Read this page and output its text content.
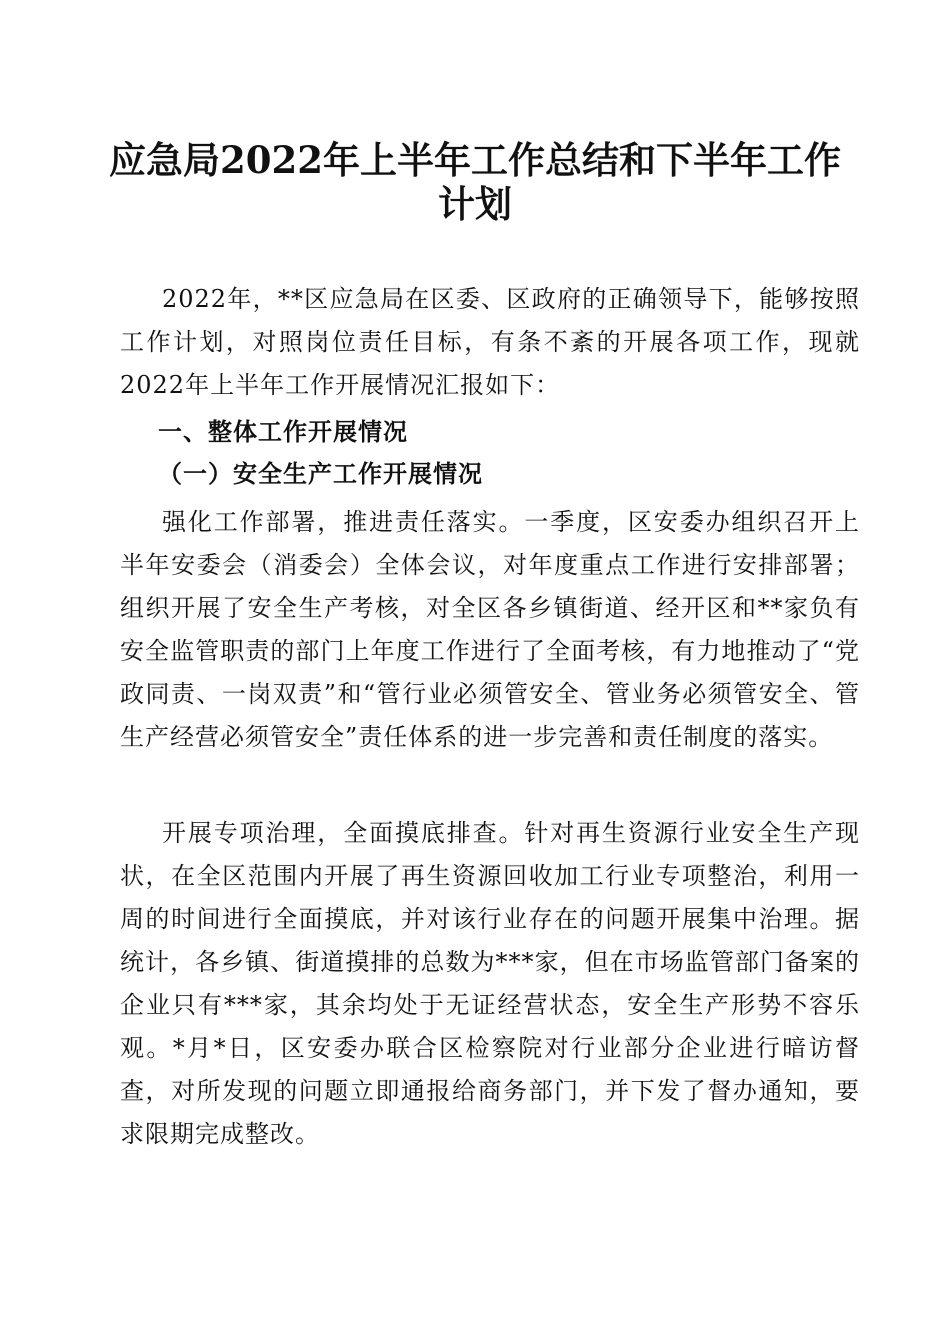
应急局2022年上半年工作总结和下半年工作
计划

2022年，**区应急局在区委、区政府的正确领导下，能够按照工作计划，对照岗位责任目标，有条不紊的开展各项工作，现就2022年上半年工作开展情况汇报如下：

一、整体工作开展情况
（一）安全生产工作开展情况

强化工作部署，推进责任落实。一季度，区安委办组织召开上半年安委会（消委会）全体会议，对年度重点工作进行安排部署；组织开展了安全生产考核，对全区各乡镇街道、经开区和**家负有安全监管职责的部门上年度工作进行了全面考核，有力地推动了“党政同责、一岗双责”和“管行业必须管安全、管业务必须管安全、管生产经营必须管安全”责任体系的进一步完善和责任制度的落实。

开展专项治理，全面摸底排查。针对再生资源行业安全生产现状，在全区范围内开展了再生资源回收加工行业专项整治，利用一周的时间进行全面摸底，并对该行业存在的问题开展集中治理。据统计，各乡镇、街道摸排的总数为***家，但在市场监管部门备案的企业只有***家，其余均处于无证经营状态，安全生产形势不容乐观。*月*日，区安委办联合区检察院对行业部分企业进行暗访督查，对所发现的问题立即通报给商务部门，并下发了督办通知，要求限期完成整改。
